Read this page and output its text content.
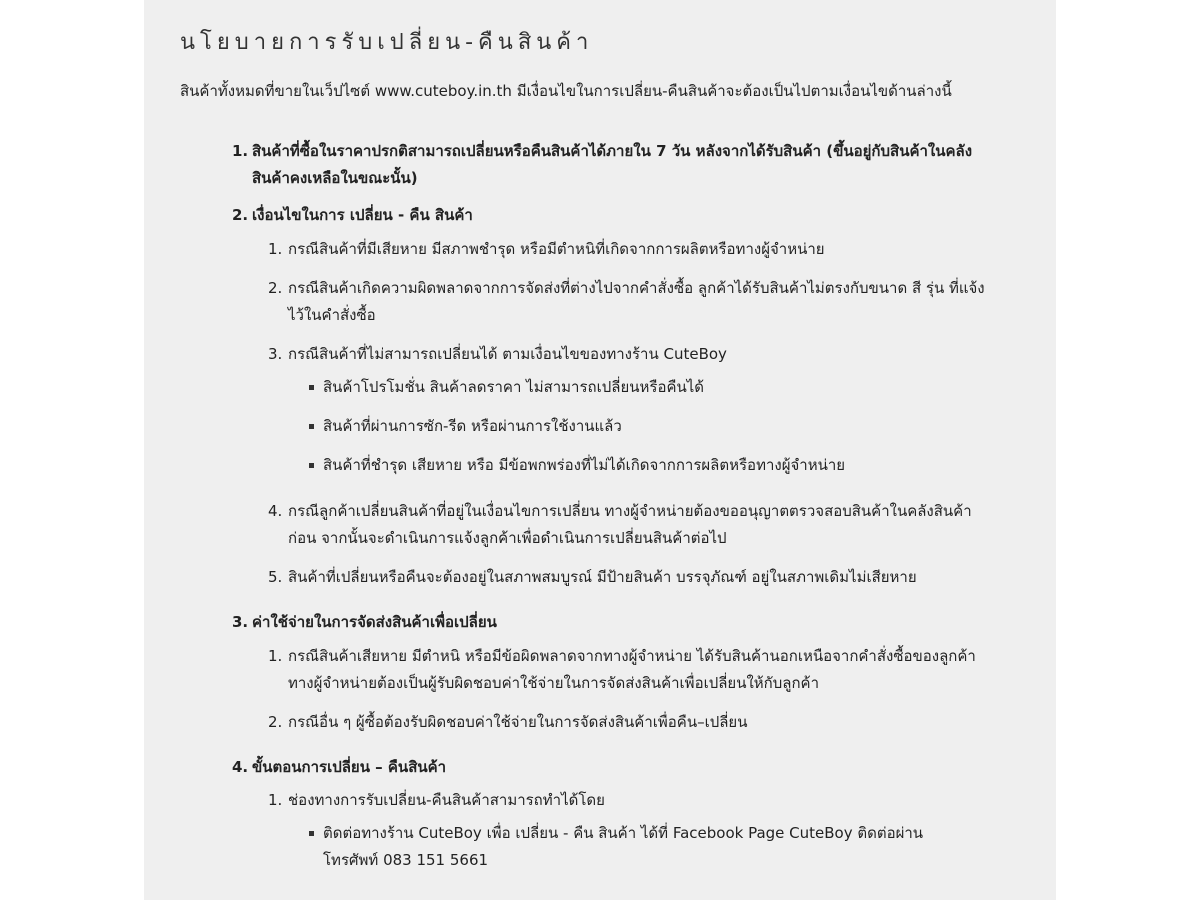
นโยบายการรับเปลี่ยน-คืนสินค้า
สินค้าทั้งหมดที่ขายในเว็ปไซต์ www.cuteboy.in.th มีเงื่อนไขในการเปลี่ยน-คืนสินค้าจะต้องเป็นไปตามเงื่อนไขด้านล่างนี้
1. สินค้าที่ซื้อในราคาปรกติสามารถเปลี่ยนหรือคืนสินค้าได้ภายใน 7 วัน หลังจากได้รับสินค้า (ขึ้นอยู่กับสินค้าในคลังสินค้าคงเหลือในขณะนั้น)
2. เงื่อนไขในการ เปลี่ยน - คืน สินค้า
1. กรณีสินค้าที่มีเสียหาย มีสภาพชำรุด หรือมีตำหนิที่เกิดจากการผลิตหรือทางผู้จำหน่าย
2. กรณีสินค้าเกิดความผิดพลาดจากการจัดส่งที่ต่างไปจากคำสั่งซื้อ ลูกค้าได้รับสินค้าไม่ตรงกับขนาด สี รุ่น ที่แจ้งไว้ในคำสั่งซื้อ
3. กรณีสินค้าที่ไม่สามารถเปลี่ยนได้ ตามเงื่อนไขของทางร้าน CuteBoy
สินค้าโปรโมชั่น สินค้าลดราคา ไม่สามารถเปลี่ยนหรือคืนได้
สินค้าที่ผ่านการซัก-รีด หรือผ่านการใช้งานแล้ว
สินค้าที่ชำรุด เสียหาย หรือ มีข้อพกพร่องที่ไม่ได้เกิดจากการผลิตหรือทางผู้จำหน่าย
4. กรณีลูกค้าเปลี่ยนสินค้าที่อยู่ในเงื่อนไขการเปลี่ยน ทางผู้จำหน่ายต้องขออนุญาตตรวจสอบสินค้าในคลังสินค้าก่อน จากนั้นจะดำเนินการแจ้งลูกค้าเพื่อดำเนินการเปลี่ยนสินค้าต่อไป
5. สินค้าที่เปลี่ยนหรือคืนจะต้องอยู่ในสภาพสมบูรณ์ มีป้ายสินค้า บรรจุภัณฑ์ อยู่ในสภาพเดิมไม่เสียหาย
3. ค่าใช้จ่ายในการจัดส่งสินค้าเพื่อเปลี่ยน
1. กรณีสินค้าเสียหาย มีตำหนิ หรือมีข้อผิดพลาดจากทางผู้จำหน่าย ได้รับสินค้านอกเหนือจากคำสั่งซื้อของลูกค้า ทางผู้จำหน่ายต้องเป็นผู้รับผิดชอบค่าใช้จ่ายในการจัดส่งสินค้าเพื่อเปลี่ยนให้กับลูกค้า
2. กรณีอื่น ๆ ผู้ซื้อต้องรับผิดชอบค่าใช้จ่ายในการจัดส่งสินค้าเพื่อคืน–เปลี่ยน
4. ขั้นตอนการเปลี่ยน – คืนสินค้า
1. ช่องทางการรับเปลี่ยน-คืนสินค้าสามารถทำได้โดย
ติดต่อทางร้าน CuteBoy เพื่อ เปลี่ยน - คืน สินค้า ได้ที่ Facebook Page CuteBoy ติดต่อผ่านโทรศัพท์ 083 151 5661
